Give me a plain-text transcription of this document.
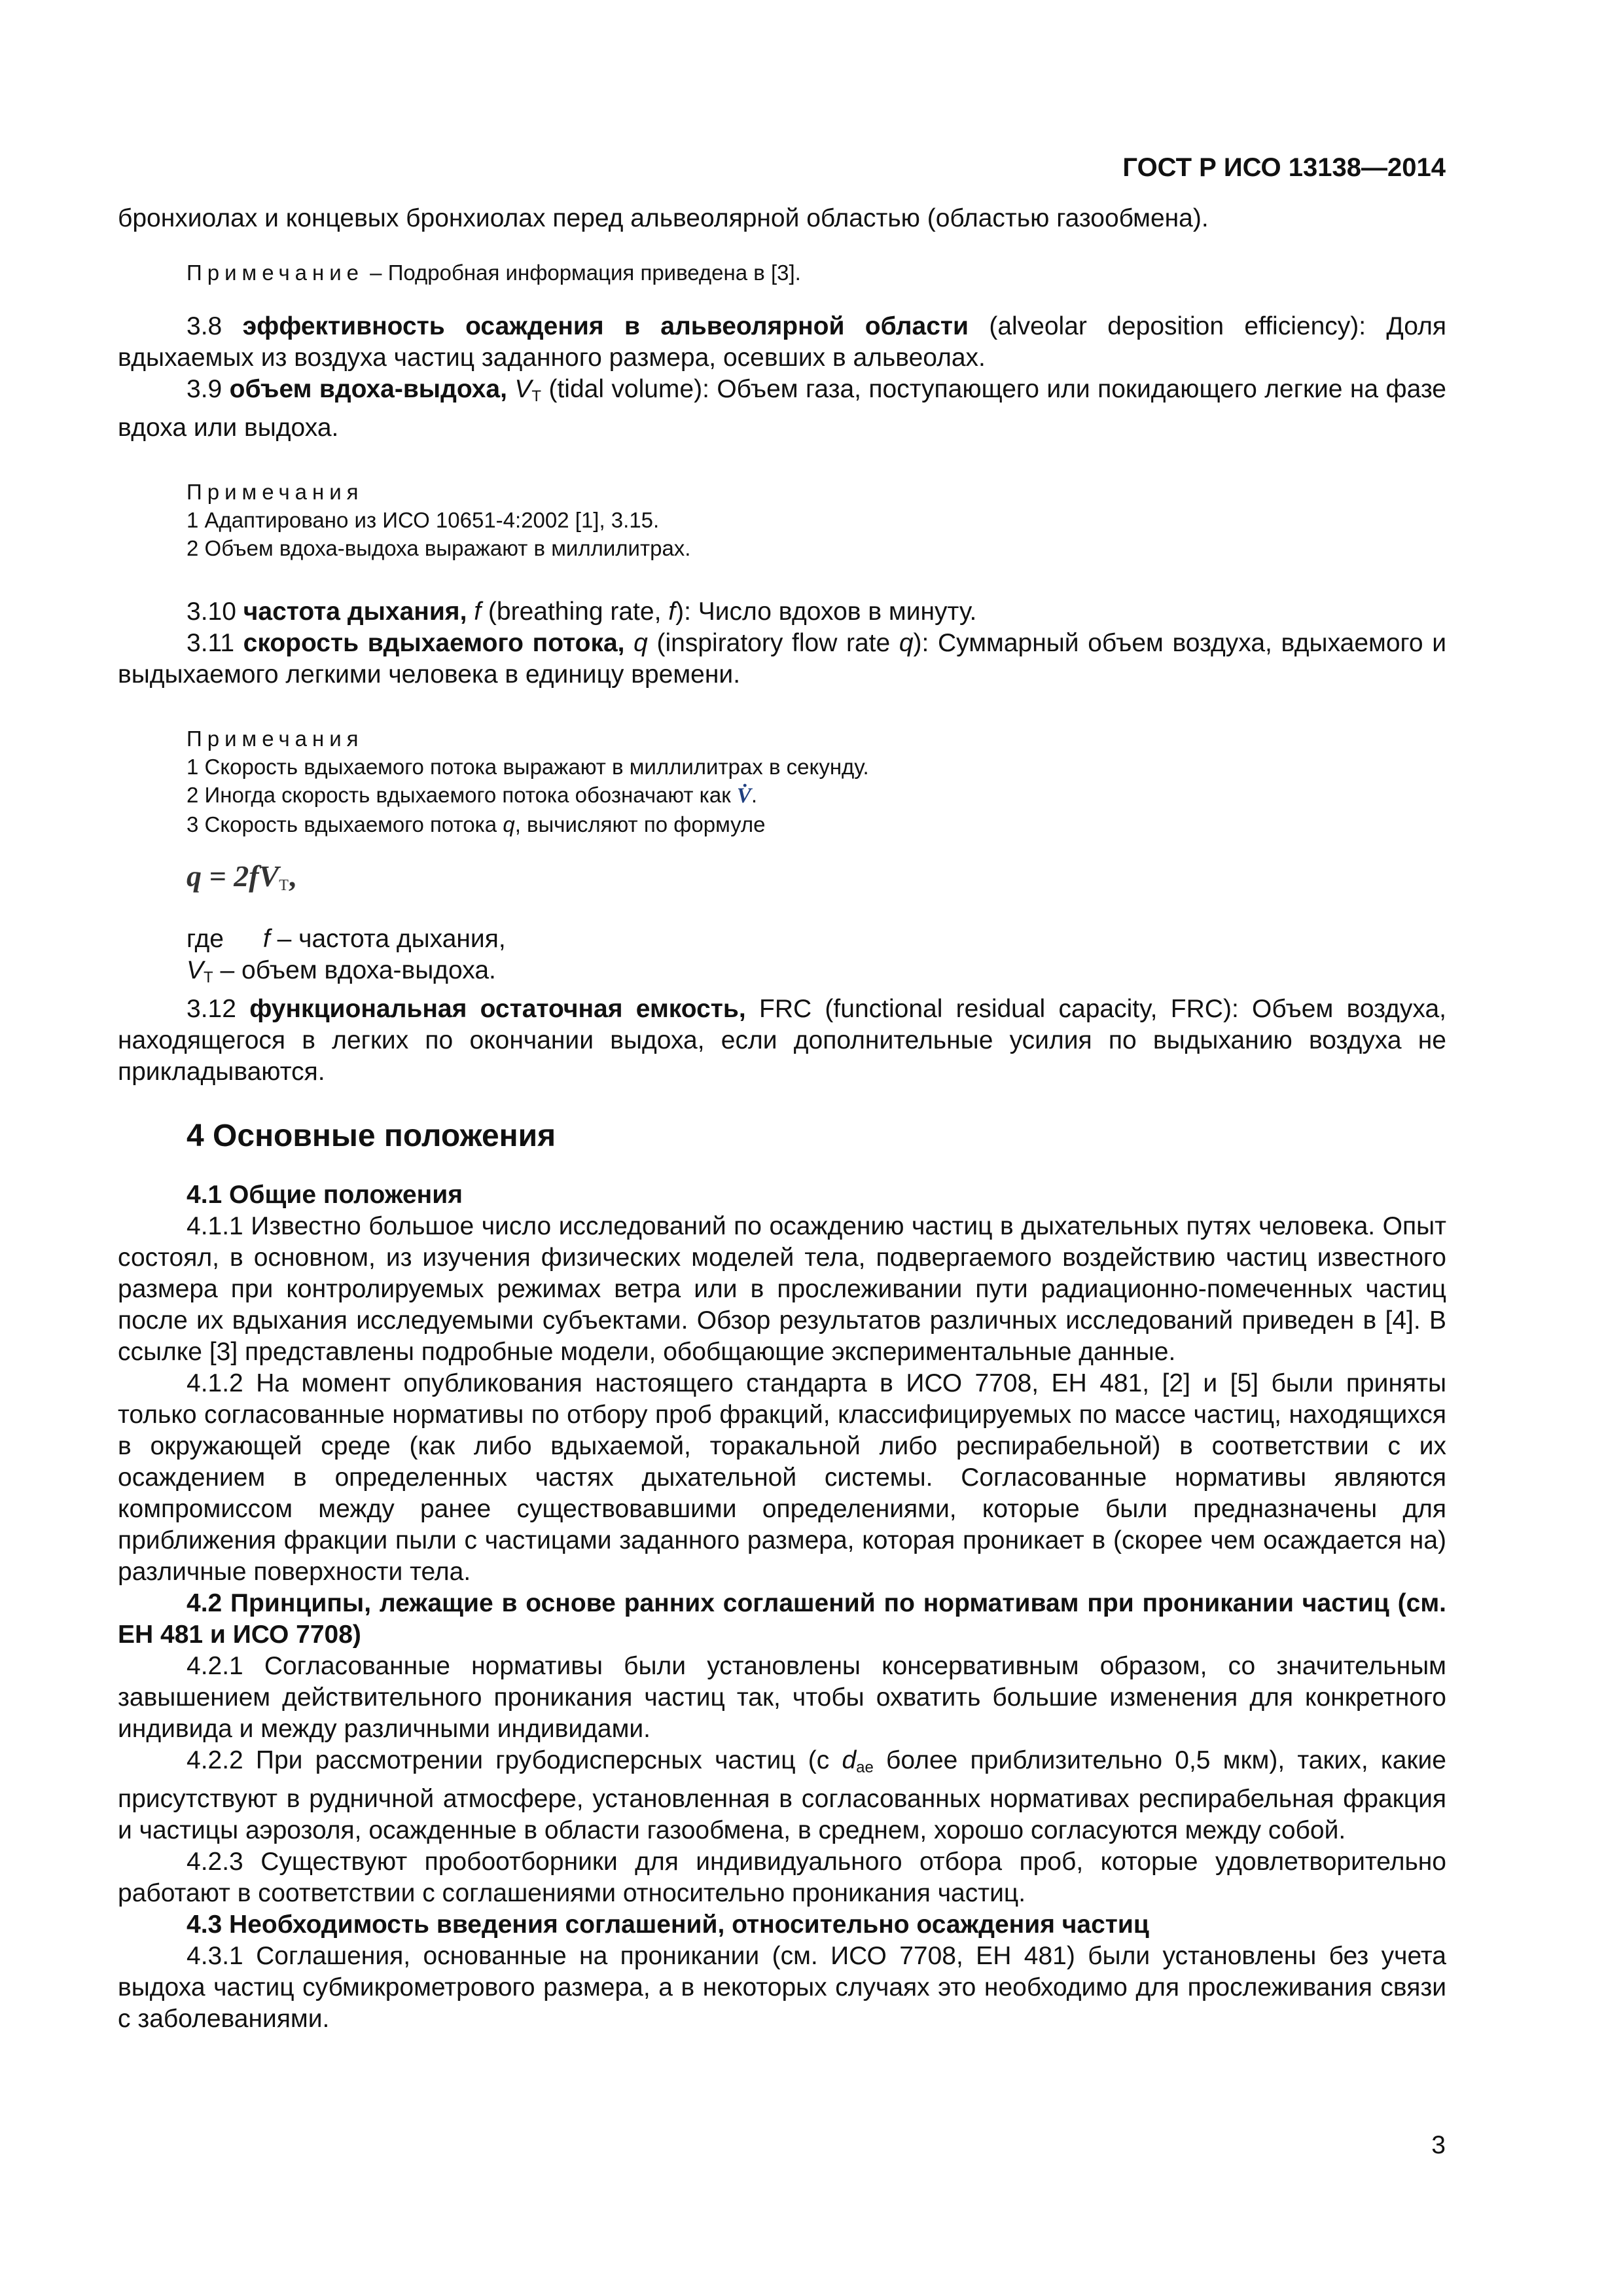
ГОСТ Р ИСО 13138—2014

бронхиолах и концевых бронхиолах перед альвеолярной областью (областью газообмена).

Примечание – Подробная информация приведена в [3].

3.8 эффективность осаждения в альвеолярной области (alveolar deposition efficiency): Доля вдыхаемых из воздуха частиц заданного размера, осевших в альвеолах.

3.9 объем вдоха-выдоха, $V_T$ (tidal volume): Объем газа, поступающего или покидающего легкие на фазе вдоха или выдоха.

Примечания

1 Адаптировано из ИСО 10651-4:2002 [1], 3.15.

2 Объем вдоха-выдоха выражают в миллилитрах.

3.10 частота дыхания, f (breathing rate, f): Число вдохов в минуту.

3.11 скорость вдыхаемого потока, q (inspiratory flow rate q): Суммарный объем воздуха, вдыхаемого и выдыхаемого легкими человека в единицу времени.

Примечания

1 Скорость вдыхаемого потока выражают в миллилитрах в секунду.

2 Иногда скорость вдыхаемого потока обозначают как V̇.

3 Скорость вдыхаемого потока q, вычисляют по формуле

$q = 2fV_T$,

где f – частота дыхания,

$V_T$ – объем вдоха-выдоха.

3.12 функциональная остаточная емкость, FRC (functional residual capacity, FRC): Объем воздуха, находящегося в легких по окончании выдоха, если дополнительные усилия по выдыханию воздуха не прикладываются.

4 Основные положения

4.1 Общие положения

4.1.1 Известно большое число исследований по осаждению частиц в дыхательных путях человека. Опыт состоял, в основном, из изучения физических моделей тела, подвергаемого воздействию частиц известного размера при контролируемых режимах ветра или в прослеживании пути радиационно-помеченных частиц после их вдыхания исследуемыми субъектами. Обзор результатов различных исследований приведен в [4]. В ссылке [3] представлены подробные модели, обобщающие экспериментальные данные.

4.1.2 На момент опубликования настоящего стандарта в ИСО 7708, ЕН 481, [2] и [5] были приняты только согласованные нормативы по отбору проб фракций, классифицируемых по массе частиц, находящихся в окружающей среде (как либо вдыхаемой, торакальной либо респирабельной) в соответствии с их осаждением в определенных частях дыхательной системы. Согласованные нормативы являются компромиссом между ранее существовавшими определениями, которые были предназначены для приближения фракции пыли с частицами заданного размера, которая проникает в (скорее чем осаждается на) различные поверхности тела.

4.2 Принципы, лежащие в основе ранних соглашений по нормативам при проникании частиц (см. ЕН 481 и ИСО 7708)

4.2.1 Согласованные нормативы были установлены консервативным образом, со значительным завышением действительного проникания частиц так, чтобы охватить большие изменения для конкретного индивида и между различными индивидами.

4.2.2 При рассмотрении грубодисперсных частиц (с $d_{ae}$ более приблизительно 0,5 мкм), таких, какие присутствуют в рудничной атмосфере, установленная в согласованных нормативах респирабельная фракция и частицы аэрозоля, осажденные в области газообмена, в среднем, хорошо согласуются между собой.

4.2.3 Существуют пробоотборники для индивидуального отбора проб, которые удовлетворительно работают в соответствии с соглашениями относительно проникания частиц.

4.3 Необходимость введения соглашений, относительно осаждения частиц

4.3.1 Соглашения, основанные на проникании (см. ИСО 7708, ЕН 481) были установлены без учета выдоха частиц субмикрометрового размера, а в некоторых случаях это необходимо для прослеживания связи с заболеваниями.

3
